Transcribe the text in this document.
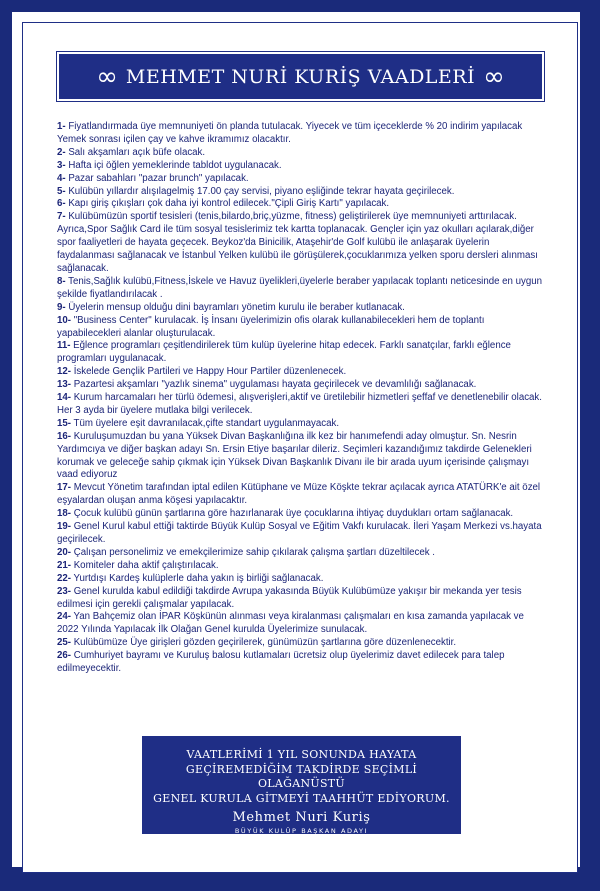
∞ MEHMET NURİ KURİŞ VAADLERİ ∞
1- Fiyatlandırmada üye memnuniyeti ön planda tutulacak. Yiyecek ve tüm içeceklerde % 20 indirim yapılacak Yemek sonrası içilen çay ve kahve ikramımız olacaktır.
2- Salı akşamları açık büfe olacak.
3- Hafta içi öğlen yemeklerinde tabldot uygulanacak.
4- Pazar sabahları "pazar brunch" yapılacak.
5- Kulübün yıllardır alışılagelmiş 17.00 çay servisi, piyano eşliğinde tekrar hayata geçirilecek.
6- Kapı giriş çıkışları çok daha iyi kontrol edilecek."Çipli Giriş Kartı" yapılacak.
7- Kulübümüzün sportif tesisleri (tenis,bilardo,briç,yüzme, fitness) geliştirilerek üye memnuniyeti arttırılacak. Ayrıca,Spor Sağlık Card ile tüm sosyal tesislerimiz tek kartta toplanacak. Gençler için yaz okulları açılarak,diğer spor faaliyetleri de hayata geçecek. Beykoz'da Binicilik, Ataşehir'de Golf kulübü ile anlaşarak üyelerin faydalanması sağlanacak ve İstanbul Yelken kulübü ile görüşülerek,çocuklarımıza yelken sporu dersleri alınması sağlanacak.
8- Tenis,Sağlık kulübü,Fitness,İskele ve Havuz üyelikleri,üyelerle beraber yapılacak toplantı neticesinde en uygun şekilde fiyatlandırılacak .
9- Üyelerin mensup olduğu dini bayramları yönetim kurulu ile beraber kutlanacak.
10- "Business Center" kurulacak. İş İnsanı üyelerimizin ofis olarak kullanabilecekleri hem de toplantı yapabilecekleri alanlar oluşturulacak.
11- Eğlence programları çeşitlendirilerek tüm kulüp üyelerine hitap edecek. Farklı sanatçılar, farklı eğlence programları uygulanacak.
12- İskelede Gençlik Partileri ve Happy Hour Partiler düzenlenecek.
13- Pazartesi akşamları "yazlık sinema" uygulaması hayata geçirilecek ve devamlılığı sağlanacak.
14- Kurum harcamaları her türlü ödemesi, alışverişleri,aktif ve üretilebilir hizmetleri şeffaf ve denetlenebilir olacak. Her 3 ayda bir üyelere mutlaka bilgi verilecek.
15- Tüm üyelere eşit davranılacak,çifte standart uygulanmayacak.
16- Kuruluşumuzdan bu yana Yüksek Divan Başkanlığına ilk kez bir hanımefendi aday olmuştur. Sn. Nesrin Yardımcıya ve diğer başkan adayı Sn. Ersin Etiye başarılar dileriz. Seçimleri kazandığımız takdirde Gelenekleri korumak ve geleceğe sahip çıkmak için Yüksek Divan Başkanlık Divanı ile bir arada uyum içerisinde çalışmayı vaad ediyoruz
17- Mevcut Yönetim tarafından iptal edilen Kütüphane ve Müze Köşkte tekrar açılacak ayrıca ATATÜRK'e ait özel eşyalardan oluşan anma köşesi yapılacaktır.
18- Çocuk kulübü günün şartlarına göre hazırlanarak üye çocuklarına ihtiyaç duydukları ortam sağlanacak.
19- Genel Kurul kabul ettiği taktirde Büyük Kulüp Sosyal ve Eğitim Vakfı kurulacak. İleri Yaşam Merkezi vs.hayata geçirilecek.
20- Çalışan personelimiz ve emekçilerimize sahip çıkılarak çalışma şartları düzeltilecek .
21- Komiteler daha aktif çalıştırılacak.
22- Yurtdışı Kardeş kulüplerle daha yakın iş birliği sağlanacak.
23- Genel kurulda kabul edildiği takdirde Avrupa yakasında Büyük Kulübümüze yakışır bir mekanda yer tesis edilmesi için gerekli çalışmalar yapılacak.
24- Yan Bahçemiz olan İPAR Köşkünün alınması veya kiralanması çalışmaları en kısa zamanda yapılacak ve 2022 Yılında Yapılacak İlk Olağan Genel kurulda Üyelerimize sunulacak.
25- Kulübümüze Üye girişleri gözden geçirilerek, günümüzün şartlarına göre düzenlenecektir.
26- Cumhuriyet bayramı ve Kuruluş balosu kutlamaları ücretsiz olup üyelerimiz davet edilecek para talep edilmeyecektir.
VAATLERİMİ 1 YIL SONUNDA HAYATA
GEÇİREMEDİĞİM TAKDİRDE SEÇİMLİ OLAĞANÜSTÜ
GENEL KURULA GİTMEYİ TAAHHÜT EDİYORUM.
Mehmet Nuri Kuriş
BÜYÜK KULÜP BAŞKAN ADAYI
